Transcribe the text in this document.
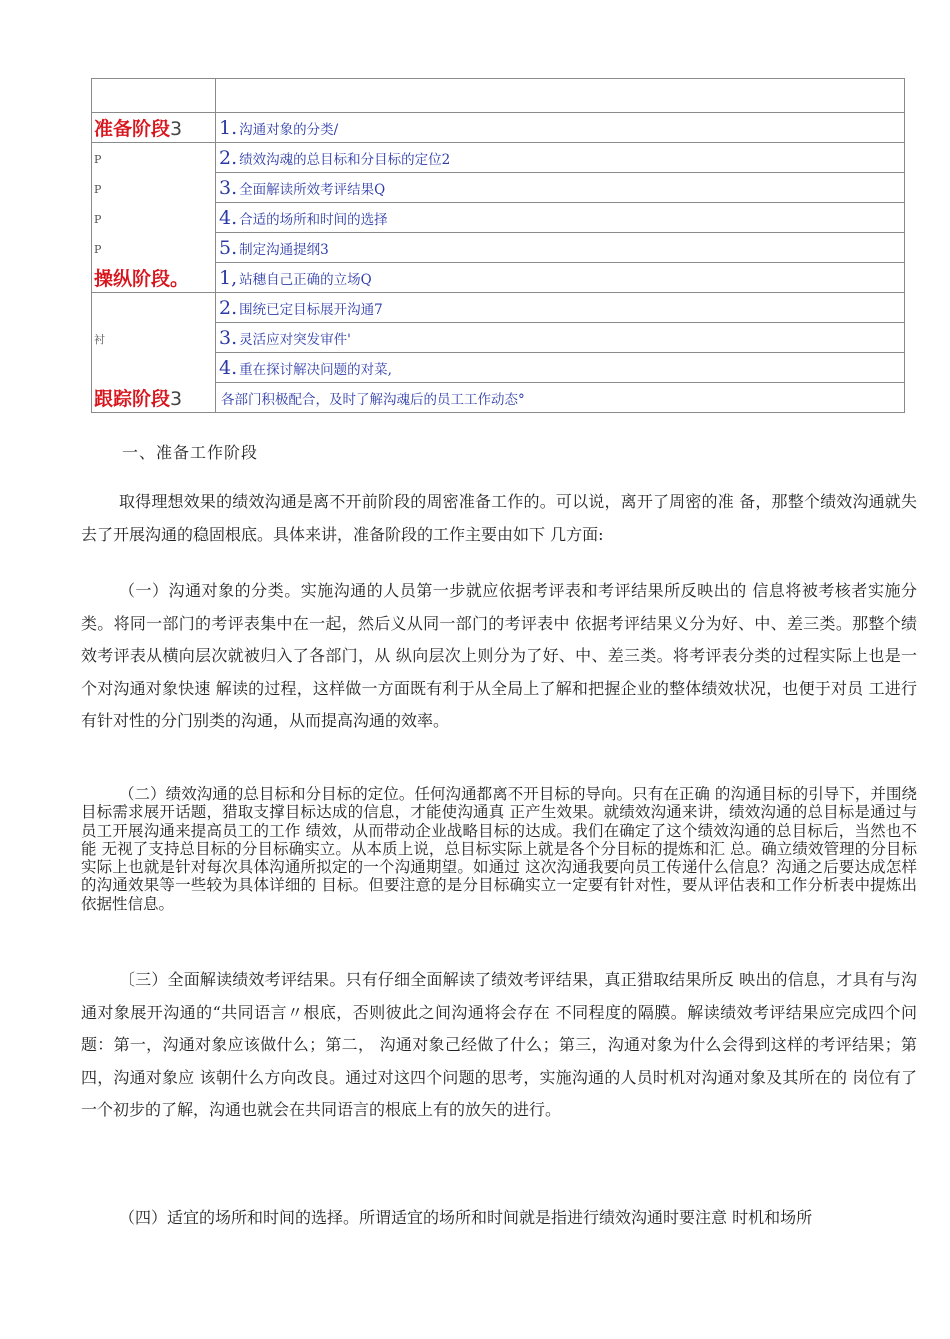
准备阶段3	1. 沟通对象的分类/
P	2. 绩效沟魂的总目标和分目标的定位2
P	3. 全面解读所效考评结果Q
P	4. 合适的场所和时间的选择
P	5. 制定沟通提纲3
操纵阶段。	1, 站穗自己正确的立场Q
	2. 围统已定目标展开沟通7
衬	3. 灵活应对突发审件'
	4. 重在探讨解决问题的对菜,
跟踪阶段3	各部门积极配合，及时了解沟魂后的员工工作动态°
一、准备工作阶段

取得理想效果的绩效沟通是离不开前阶段的周密准备工作的。可以说，离开了周密的准 备，那整个绩效沟通就失去了开展沟通的稳固根底。具体来讲，准备阶段的工作主要由如下 几方面:

（一）沟通对象的分类。实施沟通的人员第一步就应依据考评表和考评结果所反映出的 信息将被考核者实施分类。将同一部门的考评表集中在一起，然后义从同一部门的考评表中 依据考评结果义分为好、中、差三类。那整个绩效考评表从横向层次就被归入了各部门，从 纵向层次上则分为了好、中、差三类。将考评表分类的过程实际上也是一个对沟通对象快速 解读的过程，这样做一方面既有利于从全局上了解和把握企业的整体绩效状况，也便于对员 工进行有针对性的分门别类的沟通，从而提高沟通的效率。

（二）绩效沟通的总目标和分目标的定位。任何沟通都离不开目标的导向。只有在正确 的沟通目标的引导下，并围绕目标需求展开话题，猎取支撑目标达成的信息，才能使沟通真 正产生效果。就绩效沟通来讲，绩效沟通的总目标是通过与员工开展沟通来提高员工的工作 绩效，从而带动企业战略目标的达成。我们在确定了这个绩效沟通的总目标后，当然也不能 无视了支持总目标的分目标确实立。从本质上说，总目标实际上就是各个分目标的提炼和汇 总。确立绩效管理的分目标实际上也就是针对每次具体沟通所拟定的一个沟通期望。如通过 这次沟通我要向员工传递什么信息？沟通之后要达成怎样的沟通效果等一些较为具体详细的 目标。但要注意的是分目标确实立一定要有针对性，要从评估表和工作分析表中提炼出依据性信息。

〔三）全面解读绩效考评结果。只有仔细全面解读了绩效考评结果，真正猎取结果所反 映出的信息，才具有与沟通对象展开沟通的“共同语言〃根底，否则彼此之间沟通将会存在 不同程度的隔膜。解读绩效考评结果应完成四个问题：第一，沟通对象应该做什么；第二， 沟通对象己经做了什么；第三，沟通对象为什么会得到这样的考评结果；第四，沟通对象应 该朝什么方向改良。通过对这四个问题的思考，实施沟通的人员时机对沟通对象及其所在的 岗位有了一个初步的了解，沟通也就会在共同语言的根底上有的放矢的进行。

（四）适宜的场所和时间的选择。所谓适宜的场所和时间就是指进行绩效沟通时要注意 时机和场所
